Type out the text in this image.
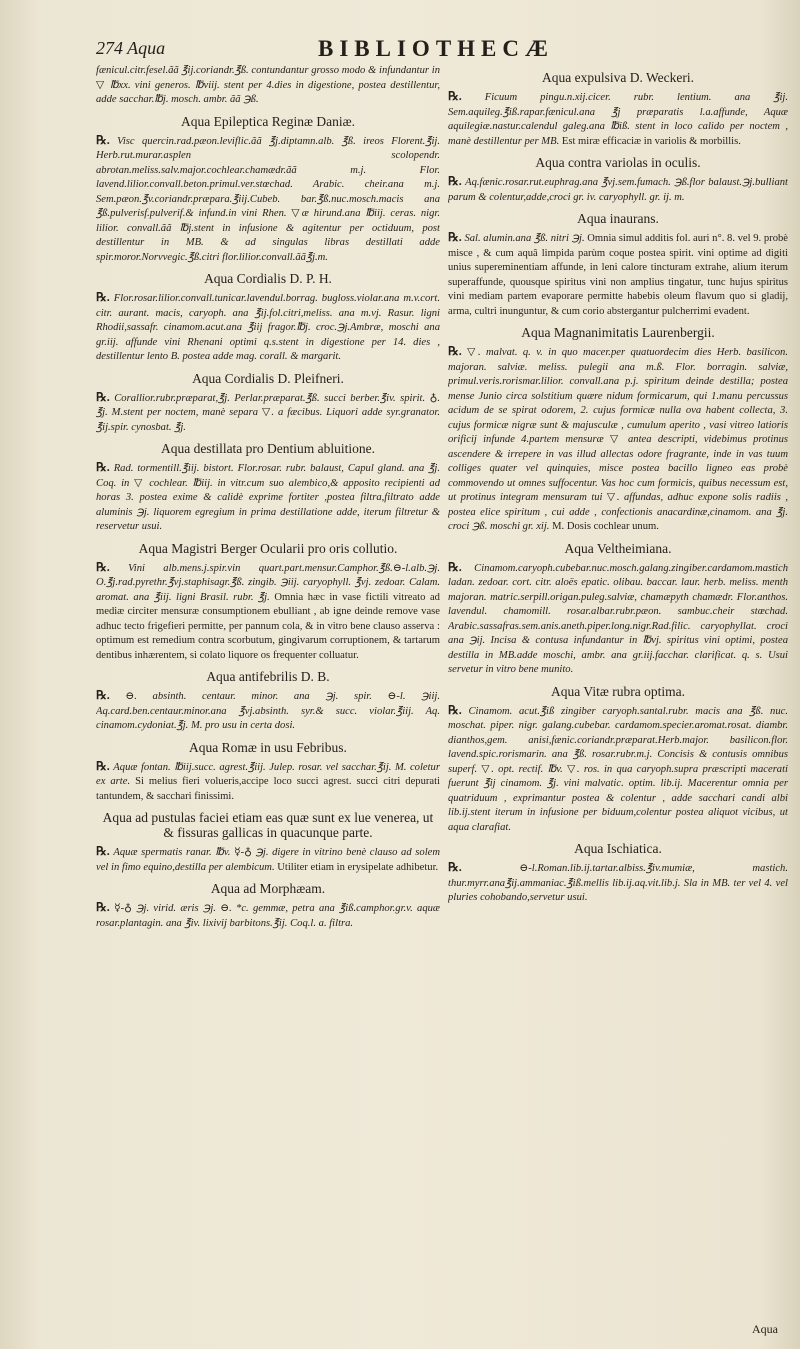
274 Aqua	BIBLIOTHECÆ

fænicul.citr.fesel.ãã ℥ij.coriandr.℥ß. contundantur grosso modo & infundantur in ▽ ℔xx. vini generos. ℔viij. stent per 4.dies in digestione, postea destillentur, adde sacchar.℔j. mosch. ambr. ãã ℈ß.

Aqua Epileptica Reginæ Daniæ.

℞. Visc quercin.rad.pæon.leviflic.ãã ℥j.diptamn.alb. ℥ß. ireos Florent.℥ij. Herb.rut.murar.asplen scolopendr. abrotan.meliss.salv.major.cochlear.chamædr.ãã m.j. Flor. lavend.lilior.convall.beton.primul.ver.stœchad. Arabic. cheir.ana m.j. Sem.pæon.℥v.coriandr.præpara.℥iij.Cubeb. bar.℥ß.nuc.mosch.macis ana ℥ß.pulverisf.pulverif.& infund.in vini Rhen. ▽æ hirund.ana ℔iij. ceras. nigr. lilior. convall.ãã ℔j.stent in infusione & agitentur per octiduum, post destillentur in MB. & ad singulas libras destillati adde spir.moror.Norvvegic.℥ß.citri flor.lilior.convall.ãã℥j.m.

Aqua Cordialis D. P. H.

℞. Flor.rosar.lilior.convall.tunicar.lavendul.borrag. bugloss.violar.ana m.v.cort. citr. aurant. macis, caryoph. ana ℥ij.fol.citri,meliss. ana m.vj. Rasur. ligni Rhodii,sassafr. cinamom.acut.ana ℥iij fragor.℔j. croc.℈j.Ambræ, moschi ana gr.iij. affunde vini Rhenani optimi q.s.stent in digestione per 14. dies , destillentur lento B. postea adde mag. corall. & margarit.

Aqua Cordialis D. Pleifneri.

℞. Corallior.rubr.præparat,℥j. Perlar.præparat.℥ß. succi berber.℥iv. spirit. ♁. ℥j. M.stent per noctem, manè separa ▽. a fæcibus. Liquori adde syr.granator. ℥ij.spir. cynosbat. ℥j.

Aqua destillata pro Dentium abluitione.

℞. Rad. tormentill.℥iij. bistort. Flor.rosar. rubr. balaust, Capul gland. ana ℥j. Coq. in ▽ cochlear. ℔iij. in vitr.cum suo alembico,& apposito recipienti ad horas 3. postea exime & calidè exprime fortiter ,postea filtra,filtrato adde aluminis ℈j. liquorem egregium in prima destillatione adde, iterum filtretur & reservetur usui.

Aqua Magistri Berger Ocularii pro oris collutio.

℞. Vini alb.mens.j.spir.vin quart.part.mensur.Camphor.℥ß.⊖-l.alb.℈j. O.℥j.rad.pyrethr.℥vj.staphisagr.℥ß. zingib. ℈iij. caryophyll. ℥vj. zedoar. Calam. aromat. ana ℥iij. ligni Brasil. rubr. ℥j. Omnia hæc in vase fictili vitreato ad mediæ circiter mensuræ consumptionem ebulliant , ab igne deinde remove vase adhuc tecto frigefieri permitte, per pannum cola, & in vitro bene clauso asserva : optimum est remedium contra scorbutum, gingivarum corruptionem, & tartarum dentibus inhærentem, si colato liquore os frequenter colluatur.

Aqua antifebrilis D. B.

℞. ⊖. absinth. centaur. minor. ana ℈j. spir. ⊖-l. ℈iij. Aq.card.ben.centaur.minor.ana ℥vj.absinth. syr.& succ. violar.℥iij. Aq. cinamom.cydoniat.℥j. M. pro usu in certa dosi.

Aqua Romæ in usu Febribus.

℞. Aquæ fontan. ℔iij.succ. agrest.℥iij. Julep. rosar. vel sacchar.℥ij. M. coletur ex arte. Si melius fieri volueris,accipe loco succi agrest. succi citri depurati tantundem, & sacchari finissimi.

Aqua ad pustulas faciei etiam eas quæ sunt ex lue venerea, ut & fissuras gallicas in quacunque parte.

℞. Aquæ spermatis ranar. ℔v. ☿-♁ ℈j. digere in vitrino benè clauso ad solem vel in fimo equino,destilla per alembicum. Utiliter etiam in erysipelate adhibetur.

Aqua ad Morphæam.

℞. ☿-♁ ℈j. virid. æris ℈j. ⊖. *c. gemmæ, petra ana ℥iß.camphor.gr.v. aquæ rosar.plantagin. ana ℥iv. lixivij barbitons.℥ij. Coq.l. a. filtra.

Aqua expulsiva D. Weckeri.

℞. Ficuum pingu.n.xij.cicer. rubr. lentium. ana ℥ij. Sem.aquileg.℥iß.rapar.fænicul.ana ℥j præparatis l.a.affunde, Aquæ aquilegiæ.nastur.calendul galeg.ana ℔iß. stent in loco calido per noctem , manè destillentur per MB. Est miræ efficaciæ in variolis & morbillis.

Aqua contra variolas in oculis.

℞. Aq.fænic.rosar.rut.euphrag.ana ℥vj.sem.fumach. ℈ß.flor balaust.℈j.bulliant parum & colentur,adde,croci gr. iv. caryophyll. gr. ij. m.

Aqua inaurans.

℞. Sal. alumin.ana ℥ß. nitri ℈j. Omnia simul additis fol. auri n°. 8. vel 9. probè misce , & cum aquâ limpida parùm coque postea spirit. vini optime ad digiti unius supereminentiam affunde, in leni calore tincturam extrahe, alium iterum superaffunde, quousque spiritus vini non amplius tingatur, tunc hujus spiritus vini mediam partem evaporare permitte habebis oleum flavum quo si gladij, arma, cultri inunguntur, & cum corio abstergantur pulcherrimi evadent.

Aqua Magnanimitatis Laurenbergii.

℞. ▽. malvat. q. v. in quo macer.per quatuordecim dies Herb. basilicon. majoran. salviæ. meliss. pulegii ana m.ß. Flor. borragin. salviæ, primul.veris.rorismar.lilior. convall.ana p.j. spiritum deinde destilla; postea mense Junio circa solstitium quære nidum formicarum, qui 1.manu percussus acidum de se spirat odorem, 2. cujus formicæ nulla ova habent collecta, 3. cujus formicæ nigræ sunt & majusculæ , cumulum aperito , vasi vitreo latioris orificij infunde 4.partem mensuræ ▽ antea descripti, videbimus protinus ascendere & irrepere in vas illud allectas odore fragrante, inde in vas tuum colliges quater vel quinquies, misce postea bacillo ligneo eas probè commovendo ut omnes suffocentur. Vas hoc cum formicis, quibus necessum est, ut protinus integram mensuram tui ▽. affundas, adhuc expone solis radiis , postea elice spiritum , cui adde , confectionis anacardinæ,cinamom. ana ℥j. croci ℈ß. moschi gr. xij. M. Dosis cochlear unum.

Aqua Veltheimiana.

℞. Cinamom.caryoph.cubebar.nuc.mosch.galang.zingiber.cardamom.mastich ladan. zedoar. cort. citr. aloës epatic. olibau. baccar. laur. herb. meliss. menth majoran. matric.serpill.origan.puleg.salviæ, chamæpyth chamædr. Flor.anthos. lavendul. chamomill. rosar.albar.rubr.pæon. sambuc.cheir stœchad. Arabic.sassafras.sem.anis.aneth.piper.long.nigr.Rad.filic. caryophyllat. croci ana ℈ij. Incisa & contusa infundantur in ℔vj. spiritus vini optimi, postea destilla in MB.adde moschi, ambr. ana gr.iij.facchar. clarificat. q. s. Usui servetur in vitro bene munito.

Aqua Vitæ rubra optima.

℞. Cinamom. acut.℥iß zingiber caryoph.santal.rubr. macis ana ℥ß. nuc. moschat. piper. nigr. galang.cubebar. cardamom.specier.aromat.rosat. diambr. dianthos,gem. anisi,fænic.coriandr.præparat.Herb.major. basilicon.flor. lavend.spic.rorismarin. ana ℥ß. rosar.rubr.m.j. Concisis & contusis omnibus superf. ▽. opt. rectif. ℔v. ▽. ros. in qua caryoph.supra præscripti macerati fuerunt ℥ij cinamom. ℥j. vini malvatic. optim. lib.ij. Macerentur omnia per quatriduum , exprimantur postea & colentur , adde sacchari candi albi lib.ij.stent iterum in infusione per biduum,colentur postea aliquot vicibus, ut aqua clarafiat.

Aqua Ischiatica.

℞.	⊖-l.Roman.lib.ij.tartar.albiss.℥iv.mumiæ, mastich. thur.myrr.ana℥ij.ammaniac.℥iß.mellis lib.ij.aq.vit.lib.j. Sla in MB. ter vel 4. vel pluries cohobando,servetur usui.

Aqua
